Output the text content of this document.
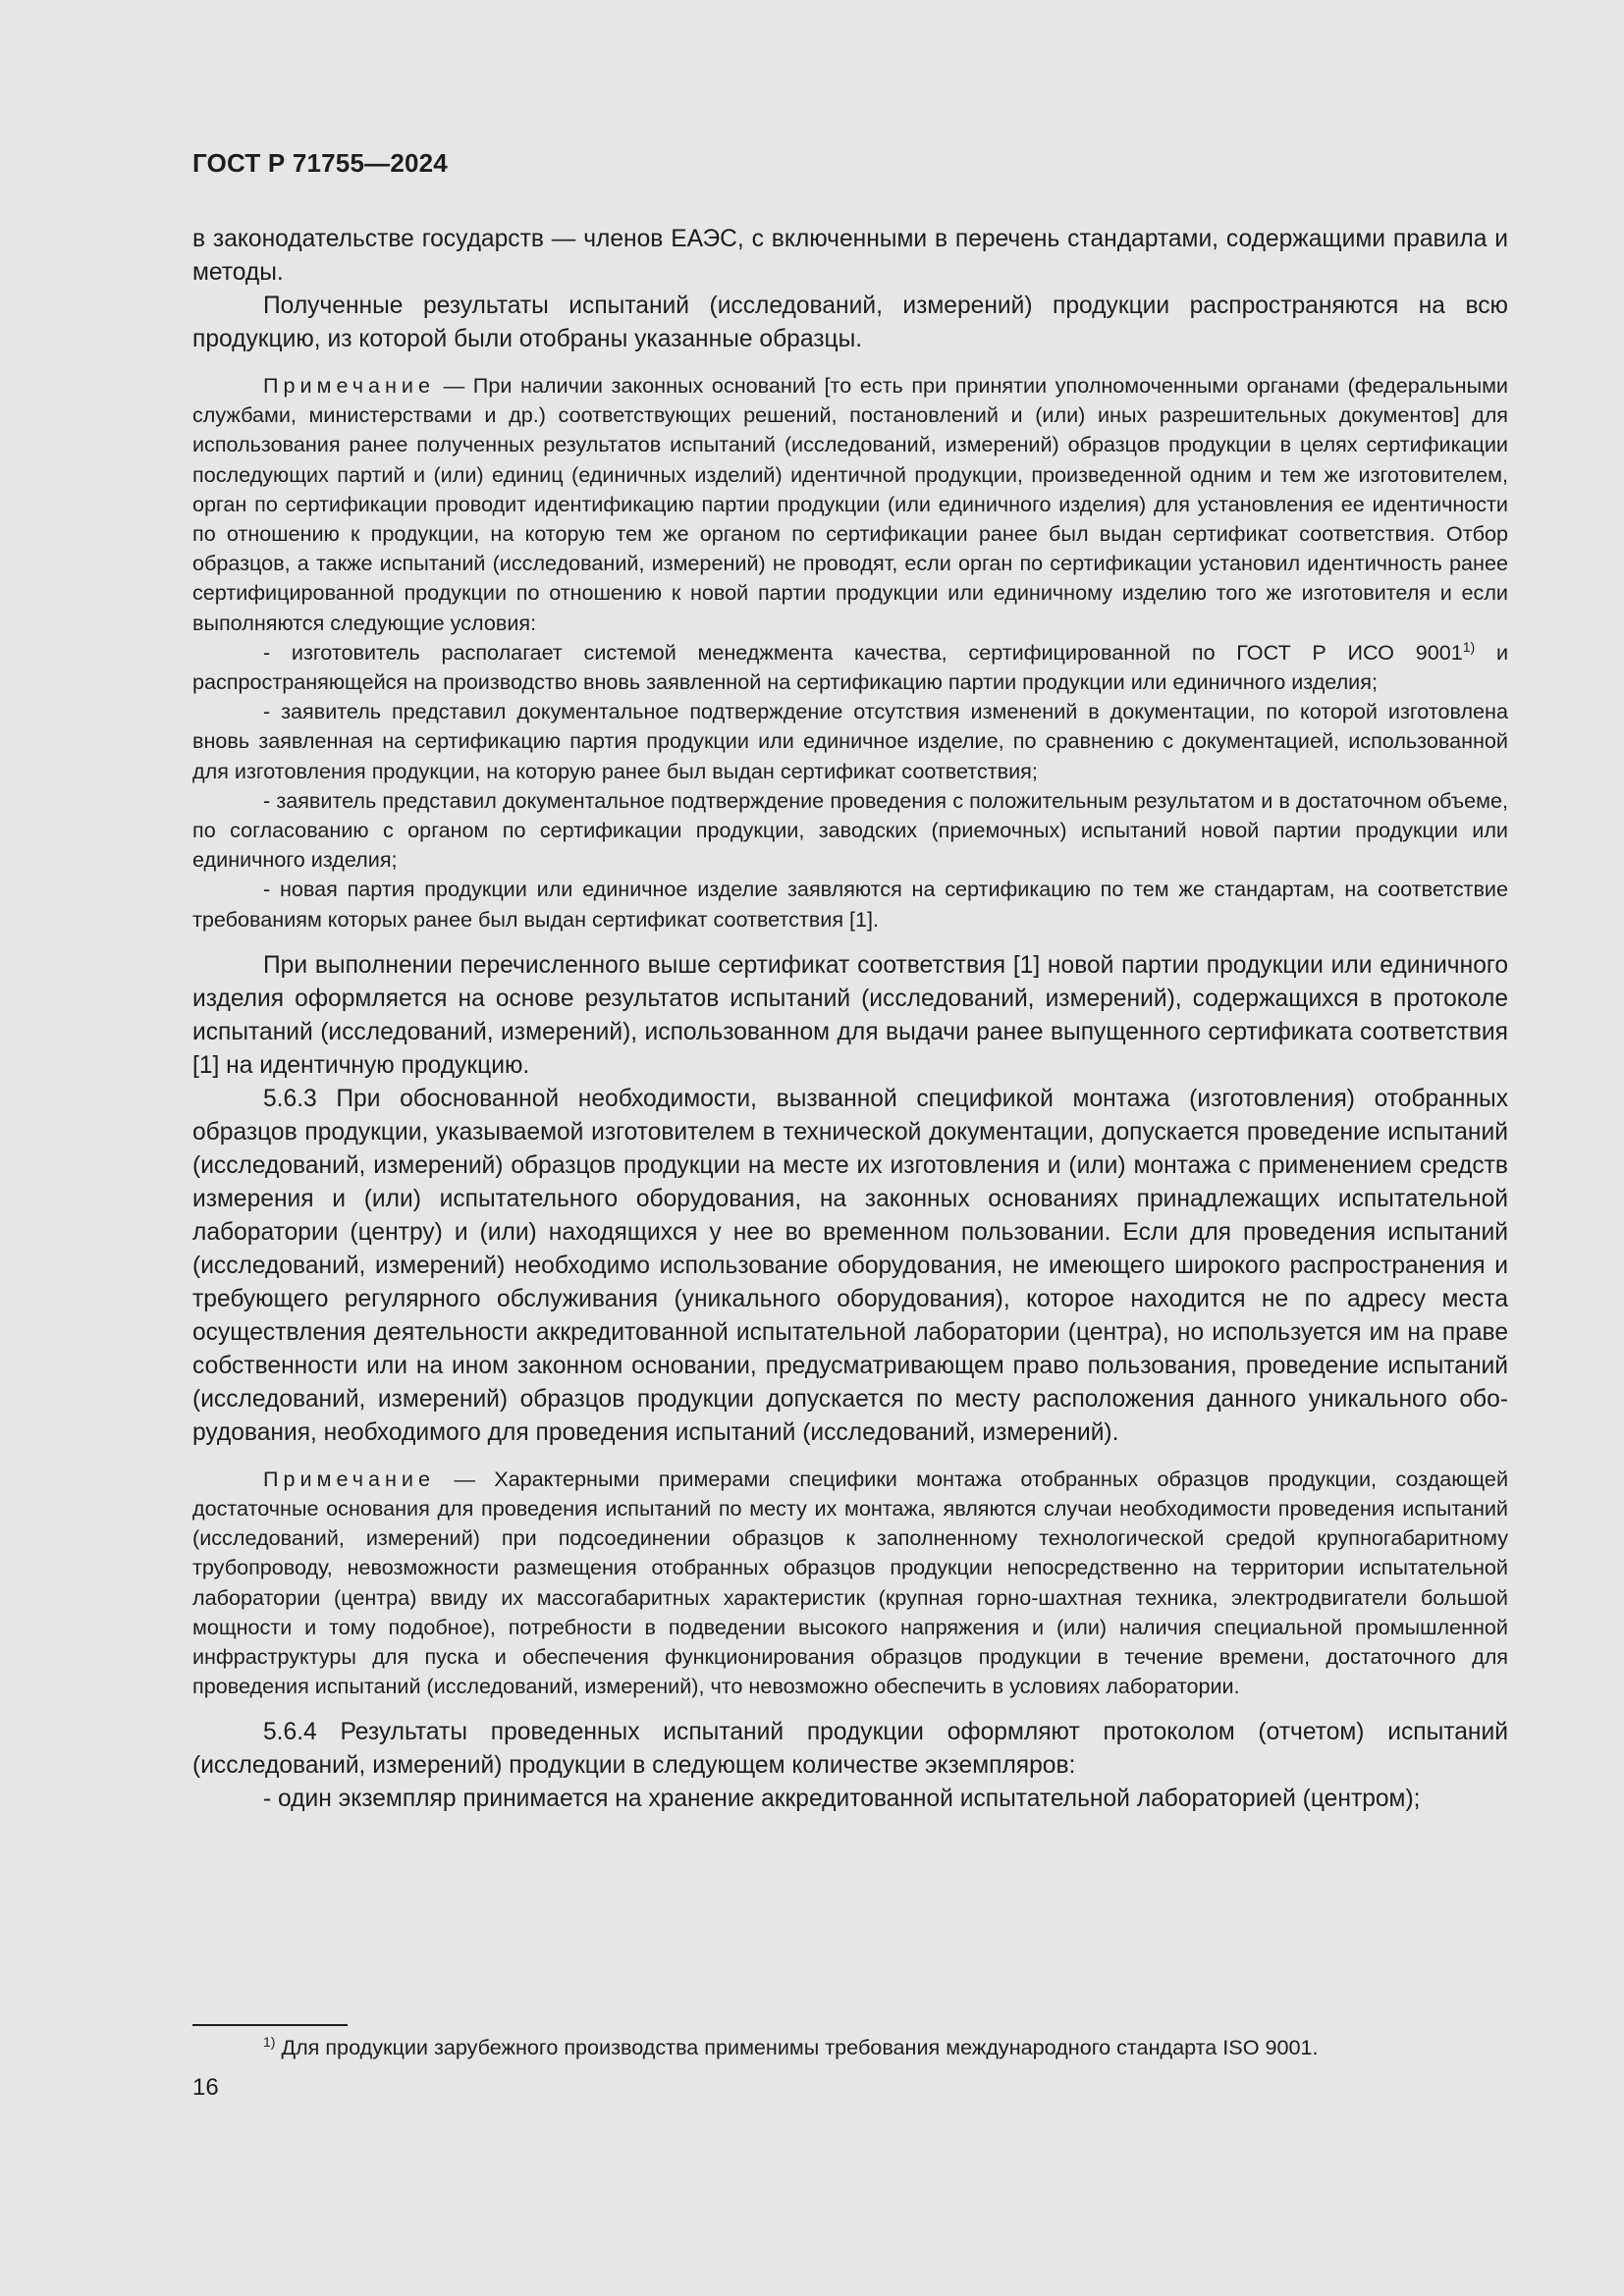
ГОСТ Р 71755—2024

в законодательстве государств — членов ЕАЭС, с включенными в перечень стандартами, содержащими правила и методы.

Полученные результаты испытаний (исследований, измерений) продукции распространяются на всю продукцию, из которой были отобраны указанные образцы.

Примечание — При наличии законных оснований [то есть при принятии уполномоченными органами (федеральными службами, министерствами и др.) соответствующих решений, постановлений и (или) иных разрешительных документов] для использования ранее полученных результатов испытаний (исследований, измерений) образцов продукции в целях сертификации последующих партий и (или) единиц (единичных изделий) идентичной продукции, произведенной одним и тем же изготовителем, орган по сертификации проводит идентификацию партии продукции (или единичного изделия) для установления ее идентичности по отношению к продукции, на которую тем же органом по сертификации ранее был выдан сертификат соответствия. Отбор образцов, а также испытаний (исследований, измерений) не проводят, если орган по сертификации установил идентичность ранее сертифицированной продукции по отношению к новой партии продукции или единичному изделию того же изготовителя и если выполняются следующие условия:

- изготовитель располагает системой менеджмента качества, сертифицированной по ГОСТ Р ИСО 9001$^{1)}$ и распространяющейся на производство вновь заявленной на сертификацию партии продукции или единичного изделия;

- заявитель представил документальное подтверждение отсутствия изменений в документации, по которой изготовлена вновь заявленная на сертификацию партия продукции или единичное изделие, по сравнению с документацией, использованной для изготовления продукции, на которую ранее был выдан сертификат соответствия;

- заявитель представил документальное подтверждение проведения с положительным результатом и в достаточном объеме, по согласованию с органом по сертификации продукции, заводских (приемочных) испытаний новой партии продукции или единичного изделия;

- новая партия продукции или единичное изделие заявляются на сертификацию по тем же стандартам, на соответствие требованиям которых ранее был выдан сертификат соответствия [1].

При выполнении перечисленного выше сертификат соответствия [1] новой партии продукции или единичного изделия оформляется на основе результатов испытаний (исследований, измерений), содержащихся в протоколе испытаний (исследований, измерений), использованном для выдачи ранее выпущенного сертификата соответствия [1] на идентичную продукцию.

5.6.3 При обоснованной необходимости, вызванной спецификой монтажа (изготовления) отобранных образцов продукции, указываемой изготовителем в технической документации, допускается проведение испытаний (исследований, измерений) образцов продукции на месте их изготовления и (или) монтажа с применением средств измерения и (или) испытательного оборудования, на законных основаниях принадлежащих испытательной лаборатории (центру) и (или) находящихся у нее во временном пользовании. Если для проведения испытаний (исследований, измерений) необходимо использование оборудования, не имеющего широкого распространения и требующего регулярного обслуживания (уникального оборудования), которое находится не по адресу места осуществления деятельности аккредитованной испытательной лаборатории (центра), но используется им на праве собственности или на ином законном основании, предусматривающем право пользования, проведение испытаний (исследований, измерений) образцов продукции допускается по месту расположения данного уникального оборудования, необходимого для проведения испытаний (исследований, измерений).

Примечание — Характерными примерами специфики монтажа отобранных образцов продукции, создающей достаточные основания для проведения испытаний по месту их монтажа, являются случаи необходимости проведения испытаний (исследований, измерений) при подсоединении образцов к заполненному технологической средой крупногабаритному трубопроводу, невозможности размещения отобранных образцов продукции непосредственно на территории испытательной лаборатории (центра) ввиду их массогабаритных характеристик (крупная горно-шахтная техника, электродвигатели большой мощности и тому подобное), потребности в подведении высокого напряжения и (или) наличия специальной промышленной инфраструктуры для пуска и обеспечения функционирования образцов продукции в течение времени, достаточного для проведения испытаний (исследований, измерений), что невозможно обеспечить в условиях лаборатории.

5.6.4 Результаты проведенных испытаний продукции оформляют протоколом (отчетом) испытаний (исследований, измерений) продукции в следующем количестве экземпляров:

- один экземпляр принимается на хранение аккредитованной испытательной лабораторией (центром);

$^{1)}$ Для продукции зарубежного производства применимы требования международного стандарта ISO 9001.
16
